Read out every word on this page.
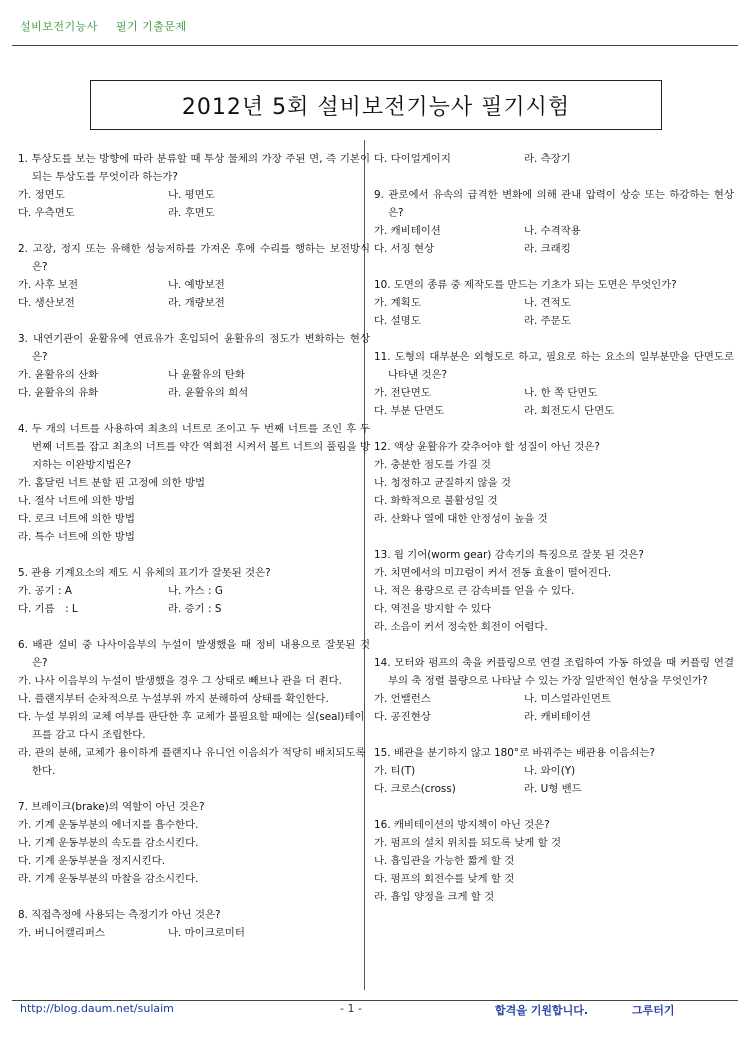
설비보전기능사 필기 기출문제
2012년 5회 설비보전기능사 필기시험
1. 투상도를 보는 방향에 따라 분류할 때 투상 물체의 가장 주된 면, 즉 기본이 되는 투상도를 무엇이라 하는가?
가. 정면도	나. 평면도
다. 우측면도	라. 후면도
2. 고장, 정지 또는 유해한 성능저하를 가져온 후에 수리를 행하는 보전방식은?
가. 사후 보전	나. 예방보전
다. 생산보전	라. 개량보전
3. 내연기관이 윤활유에 연료유가 혼입되어 윤활유의 점도가 변화하는 현상은?
가. 윤활유의 산화	나 윤활유의 탄화
다. 윤활유의 유화	라. 윤활유의 희석
4. 두 개의 너트를 사용하여 최초의 너트로 조이고 두 번째 너트를 조인 후 두 번째 너트를 잡고 최초의 너트를 약간 역회전 시켜서 볼트 너트의 풀림을 방지하는 이완방지법은?
가. 홈달린 너트 분할 핀 고정에 의한 방법
나. 절삭 너트에 의한 방법
다. 로크 너트에 의한 방법
라. 특수 너트에 의한 방법
5. 관용 기계요소의 제도 시 유체의 표기가 잘못된 것은?
가. 공기 : A	나. 가스 : G
다. 기름　: L	라. 증기 : S
6. 배관 설비 중 나사이음부의 누설이 발생했을 때 정비 내용으로 잘못된 것은?
가. 나사 이음부의 누설이 발생했을 경우 그 상태로 빼브나 관을 더 죈다.
나. 플랜지부터 순차적으로 누설부위 까지 분해하여 상태를 확인한다.
다. 누설 부위의 교체 여부를 판단한 후 교체가 불필요할 때에는 실(seal)테이프를 감고 다시 조립한다.
라. 관의 분해, 교체가 용이하게 플랜지나 유니언 이음쇠가 적당히 배치되도록 한다.
7. 브레이크(brake)의 역할이 아닌 것은?
가. 기계 운동부분의 에너지를 흡수한다.
나. 기계 운동부분의 속도를 감소시킨다.
다. 기계 운동부분을 정지시킨다.
라. 기계 운동부분의 마찰을 감소시킨다.
8. 직접측정에 사용되는 측정기가 아닌 것은?
가. 버니어캘리퍼스	나. 마이크로미터
다. 다이얼게이지	라. 측장기
9. 관로에서 유속의 급격한 변화에 의해 관내 압력이 상승 또는 하강하는 현상은?
가. 캐비테이션	나. 수격작용
다. 서징 현상	라. 크래킹
10. 도면의 종류 중 제작도를 만드는 기초가 되는 도면은 무엇인가?
가. 계획도	나. 견적도
다. 설명도	라. 주문도
11. 도형의 대부분은 외형도로 하고, 필요로 하는 요소의 일부분만을 단면도로 나타낸 것은?
가. 전단면도	나. 한 쪽 단면도
다. 부분 단면도	라. 회전도시 단면도
12. 액상 윤활유가 갖추어야 할 성질이 아닌 것은?
가. 충분한 점도를 가질 것
나. 청정하고 균질하지 않을 것
다. 화학적으로 불활성일 것
라. 산화나 열에 대한 안정성이 높을 것
13. 웜 기어(worm gear) 감속기의 특징으로 잘못 된 것은?
가. 치면에서의 미끄럼이 커서 전동 효율이 떨어진다.
나. 적은 용량으로 큰 감속비를 얻을 수 있다.
다. 역전을 방지할 수 있다
라. 소음이 커서 정숙한 회전이 어렵다.
14. 모터와 펌프의 축을 커플링으로 연결 조립하여 가동 하였을 때 커플링 연결부의 축 정렬 불량으로 나타날 수 있는 가장 일반적인 현상을 무엇인가?
가. 언밸런스	나. 미스얼라인먼트
다. 공진현상	라. 캐비테이션
15. 배관을 분기하지 않고 180°로 바꿔주는 배관용 이음쇠는?
가. 티(T)	나. 와이(Y)
다. 크로스(cross)	라. U형 밴드
16. 캐비테이션의 방지책이 아닌 것은?
가. 펌프의 설치 위치를 되도록 낮게 할 것
나. 흡입관을 가능한 짧게 할 것
다. 펌프의 회전수를 낮게 할 것
라. 흡입 양정을 크게 할 것
http://blog.daum.net/sulaim	- 1 -	합격을 기원합니다.	그루터기
